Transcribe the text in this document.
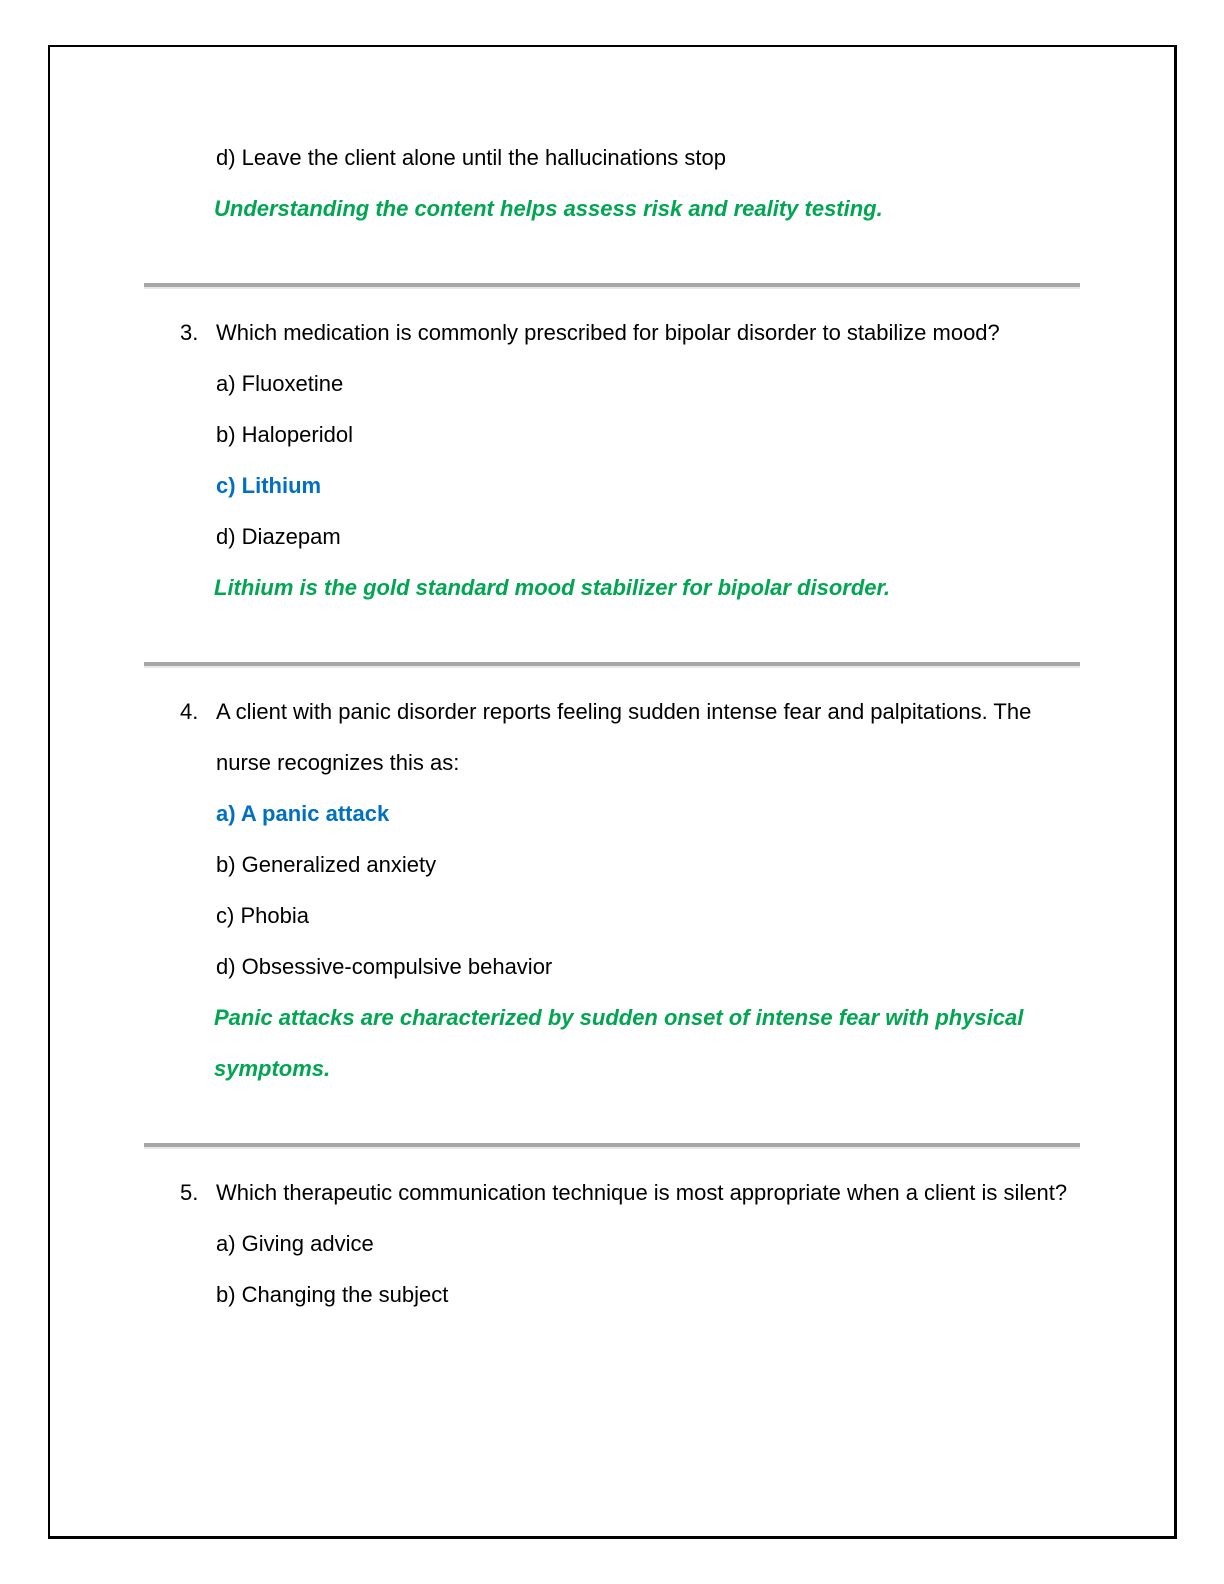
d) Leave the client alone until the hallucinations stop

Understanding the content helps assess risk and reality testing.

3. Which medication is commonly prescribed for bipolar disorder to stabilize mood?

a) Fluoxetine

b) Haloperidol

c) Lithium

d) Diazepam

Lithium is the gold standard mood stabilizer for bipolar disorder.

4. A client with panic disorder reports feeling sudden intense fear and palpitations. The nurse recognizes this as:

a) A panic attack

b) Generalized anxiety

c) Phobia

d) Obsessive-compulsive behavior

Panic attacks are characterized by sudden onset of intense fear with physical symptoms.

5. Which therapeutic communication technique is most appropriate when a client is silent?

a) Giving advice

b) Changing the subject
